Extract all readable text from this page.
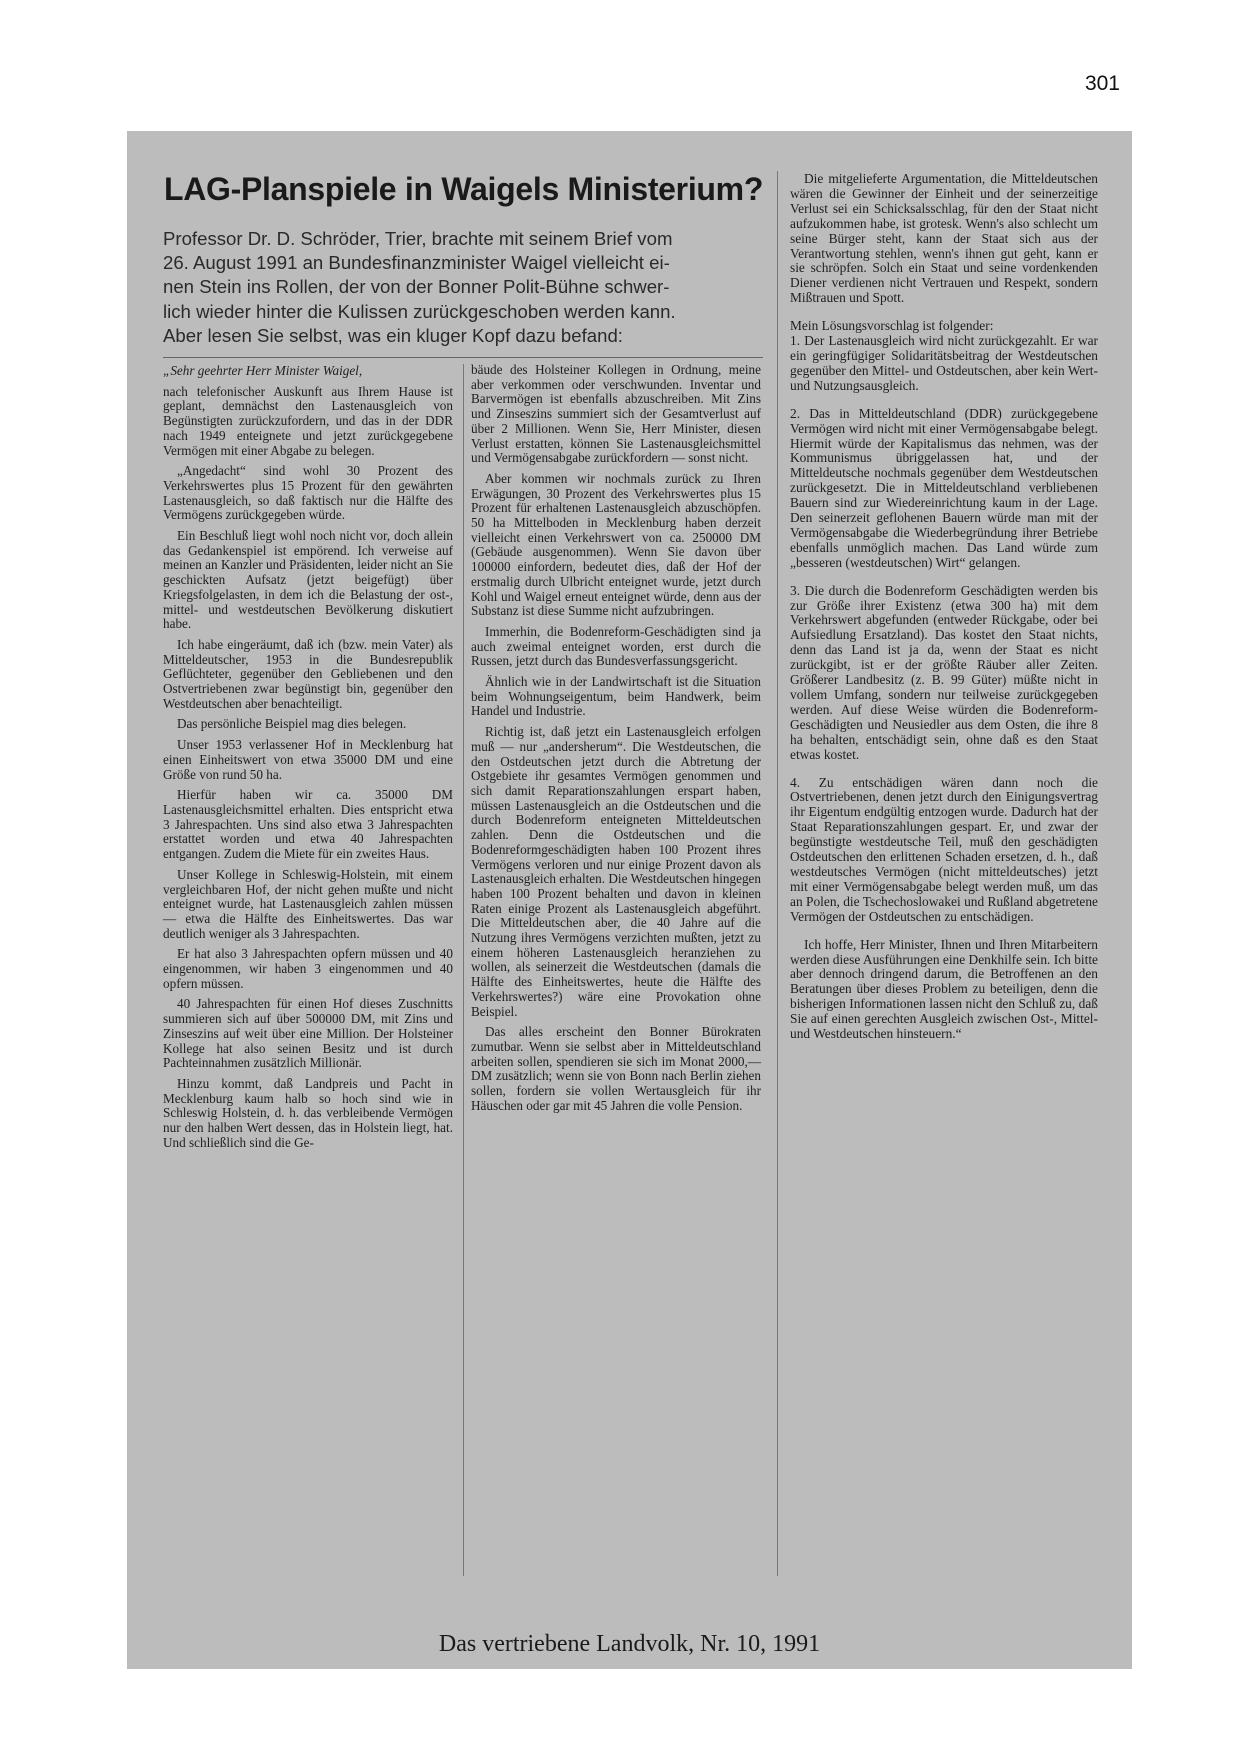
301
LAG-Planspiele in Waigels Ministerium?
Professor Dr. D. Schröder, Trier, brachte mit seinem Brief vom
26. August 1991 an Bundesfinanzminister Waigel vielleicht ei-
nen Stein ins Rollen, der von der Bonner Polit-Bühne schwer-
lich wieder hinter die Kulissen zurückgeschoben werden kann.
Aber lesen Sie selbst, was ein kluger Kopf dazu befand:

„Sehr geehrter Herr Minister Waigel,

nach telefonischer Auskunft aus Ihrem Hause ist geplant, demnächst den Lastenausgleich von Begünstigten zurückzufordern, und das in der DDR nach 1949 enteignete und jetzt zurückgegebene Vermögen mit einer Abgabe zu belegen.

„Angedacht“ sind wohl 30 Prozent des Verkehrswertes plus 15 Prozent für den gewährten Lastenausgleich, so daß faktisch nur die Hälfte des Vermögens zurückgegeben würde.

Ein Beschluß liegt wohl noch nicht vor, doch allein das Gedankenspiel ist empörend. Ich verweise auf meinen an Kanzler und Präsidenten, leider nicht an Sie geschickten Aufsatz (jetzt beigefügt) über Kriegsfolgelasten, in dem ich die Belastung der ost-, mittel- und westdeutschen Bevölkerung diskutiert habe.

Ich habe eingeräumt, daß ich (bzw. mein Vater) als Mitteldeutscher, 1953 in die Bundesrepublik Geflüchteter, gegenüber den Gebliebenen und den Ostvertriebenen zwar begünstigt bin, gegenüber den Westdeutschen aber benachteiligt.

Das persönliche Beispiel mag dies belegen.

Unser 1953 verlassener Hof in Mecklenburg hat einen Einheitswert von etwa 35000 DM und eine Größe von rund 50 ha.

Hierfür haben wir ca. 35000 DM Lastenausgleichsmittel erhalten. Dies entspricht etwa 3 Jahrespachten. Uns sind also etwa 3 Jahrespachten erstattet worden und etwa 40 Jahrespachten entgangen. Zudem die Miete für ein zweites Haus.

Unser Kollege in Schleswig-Holstein, mit einem vergleichbaren Hof, der nicht gehen mußte und nicht enteignet wurde, hat Lastenausgleich zahlen müssen — etwa die Hälfte des Einheitswertes. Das war deutlich weniger als 3 Jahrespachten.

Er hat also 3 Jahrespachten opfern müssen und 40 eingenommen, wir haben 3 eingenommen und 40 opfern müssen.

40 Jahrespachten für einen Hof dieses Zuschnitts summieren sich auf über 500000 DM, mit Zins und Zinseszins auf weit über eine Million. Der Holsteiner Kollege hat also seinen Besitz und ist durch Pachteinnahmen zusätzlich Millionär.

Hinzu kommt, daß Landpreis und Pacht in Mecklenburg kaum halb so hoch sind wie in Schleswig Holstein, d. h. das verbleibende Vermögen nur den halben Wert dessen, das in Holstein liegt, hat. Und schließlich sind die Ge-

bäude des Holsteiner Kollegen in Ordnung, meine aber verkommen oder verschwunden. Inventar und Barvermögen ist ebenfalls abzuschreiben. Mit Zins und Zinseszins summiert sich der Gesamtverlust auf über 2 Millionen. Wenn Sie, Herr Minister, diesen Verlust erstatten, können Sie Lastenausgleichsmittel und Vermögensabgabe zurückfordern — sonst nicht.

Aber kommen wir nochmals zurück zu Ihren Erwägungen, 30 Prozent des Verkehrswertes plus 15 Prozent für erhaltenen Lastenausgleich abzuschöpfen. 50 ha Mittelboden in Mecklenburg haben derzeit vielleicht einen Verkehrswert von ca. 250000 DM (Gebäude ausgenommen). Wenn Sie davon über 100000 einfordern, bedeutet dies, daß der Hof der erstmalig durch Ulbricht enteignet wurde, jetzt durch Kohl und Waigel erneut enteignet würde, denn aus der Substanz ist diese Summe nicht aufzubringen.

Immerhin, die Bodenreform-Geschädigten sind ja auch zweimal enteignet worden, erst durch die Russen, jetzt durch das Bundesverfassungsgericht.

Ähnlich wie in der Landwirtschaft ist die Situation beim Wohnungseigentum, beim Handwerk, beim Handel und Industrie.

Richtig ist, daß jetzt ein Lastenausgleich erfolgen muß — nur „andersherum“. Die Westdeutschen, die den Ostdeutschen jetzt durch die Abtretung der Ostgebiete ihr gesamtes Vermögen genommen und sich damit Reparationszahlungen erspart haben, müssen Lastenausgleich an die Ostdeutschen und die durch Bodenreform enteigneten Mitteldeutschen zahlen. Denn die Ostdeutschen und die Bodenreformgeschädigten haben 100 Prozent ihres Vermögens verloren und nur einige Prozent davon als Lastenausgleich erhalten. Die Westdeutschen hingegen haben 100 Prozent behalten und davon in kleinen Raten einige Prozent als Lastenausgleich abgeführt. Die Mitteldeutschen aber, die 40 Jahre auf die Nutzung ihres Vermögens verzichten mußten, jetzt zu einem höheren Lastenausgleich heranziehen zu wollen, als seinerzeit die Westdeutschen (damals die Hälfte des Einheitswertes, heute die Hälfte des Verkehrswertes?) wäre eine Provokation ohne Beispiel.

Das alles erscheint den Bonner Bürokraten zumutbar. Wenn sie selbst aber in Mitteldeutschland arbeiten sollen, spendieren sie sich im Monat 2000,— DM zusätzlich; wenn sie von Bonn nach Berlin ziehen sollen, fordern sie vollen Wertausgleich für ihr Häuschen oder gar mit 45 Jahren die volle Pension.

Die mitgelieferte Argumentation, die Mitteldeutschen wären die Gewinner der Einheit und der seinerzeitige Verlust sei ein Schicksalsschlag, für den der Staat nicht aufzukommen habe, ist grotesk. Wenn's also schlecht um seine Bürger steht, kann der Staat sich aus der Verantwortung stehlen, wenn's ihnen gut geht, kann er sie schröpfen. Solch ein Staat und seine vordenkenden Diener verdienen nicht Vertrauen und Respekt, sondern Mißtrauen und Spott.

Mein Lösungsvorschlag ist folgender:
1. Der Lastenausgleich wird nicht zurückgezahlt. Er war ein geringfügiger Solidaritätsbeitrag der Westdeutschen gegenüber den Mittel- und Ostdeutschen, aber kein Wert- und Nutzungsausgleich.

2. Das in Mitteldeutschland (DDR) zurückgegebene Vermögen wird nicht mit einer Vermögensabgabe belegt. Hiermit würde der Kapitalismus das nehmen, was der Kommunismus übriggelassen hat, und der Mitteldeutsche nochmals gegenüber dem Westdeutschen zurückgesetzt. Die in Mitteldeutschland verbliebenen Bauern sind zur Wiedereinrichtung kaum in der Lage. Den seinerzeit geflohenen Bauern würde man mit der Vermögensabgabe die Wiederbegründung ihrer Betriebe ebenfalls unmöglich machen. Das Land würde zum „besseren (westdeutschen) Wirt“ gelangen.

3. Die durch die Bodenreform Geschädigten werden bis zur Größe ihrer Existenz (etwa 300 ha) mit dem Verkehrswert abgefunden (entweder Rückgabe, oder bei Aufsiedlung Ersatzland). Das kostet den Staat nichts, denn das Land ist ja da, wenn der Staat es nicht zurückgibt, ist er der größte Räuber aller Zeiten. Größerer Landbesitz (z. B. 99 Güter) müßte nicht in vollem Umfang, sondern nur teilweise zurückgegeben werden. Auf diese Weise würden die Bodenreform-Geschädigten und Neusiedler aus dem Osten, die ihre 8 ha behalten, entschädigt sein, ohne daß es den Staat etwas kostet.

4. Zu entschädigen wären dann noch die Ostvertriebenen, denen jetzt durch den Einigungsvertrag ihr Eigentum endgültig entzogen wurde. Dadurch hat der Staat Reparationszahlungen gespart. Er, und zwar der begünstigte westdeutsche Teil, muß den geschädigten Ostdeutschen den erlittenen Schaden ersetzen, d. h., daß westdeutsches Vermögen (nicht mitteldeutsches) jetzt mit einer Vermögensabgabe belegt werden muß, um das an Polen, die Tschechoslowakei und Rußland abgetretene Vermögen der Ostdeutschen zu entschädigen.

Ich hoffe, Herr Minister, Ihnen und Ihren Mitarbeitern werden diese Ausführungen eine Denkhilfe sein. Ich bitte aber dennoch dringend darum, die Betroffenen an den Beratungen über dieses Problem zu beteiligen, denn die bisherigen Informationen lassen nicht den Schluß zu, daß Sie auf einen gerechten Ausgleich zwischen Ost-, Mittel- und Westdeutschen hinsteuern.“

Das vertriebene Landvolk, Nr. 10, 1991
